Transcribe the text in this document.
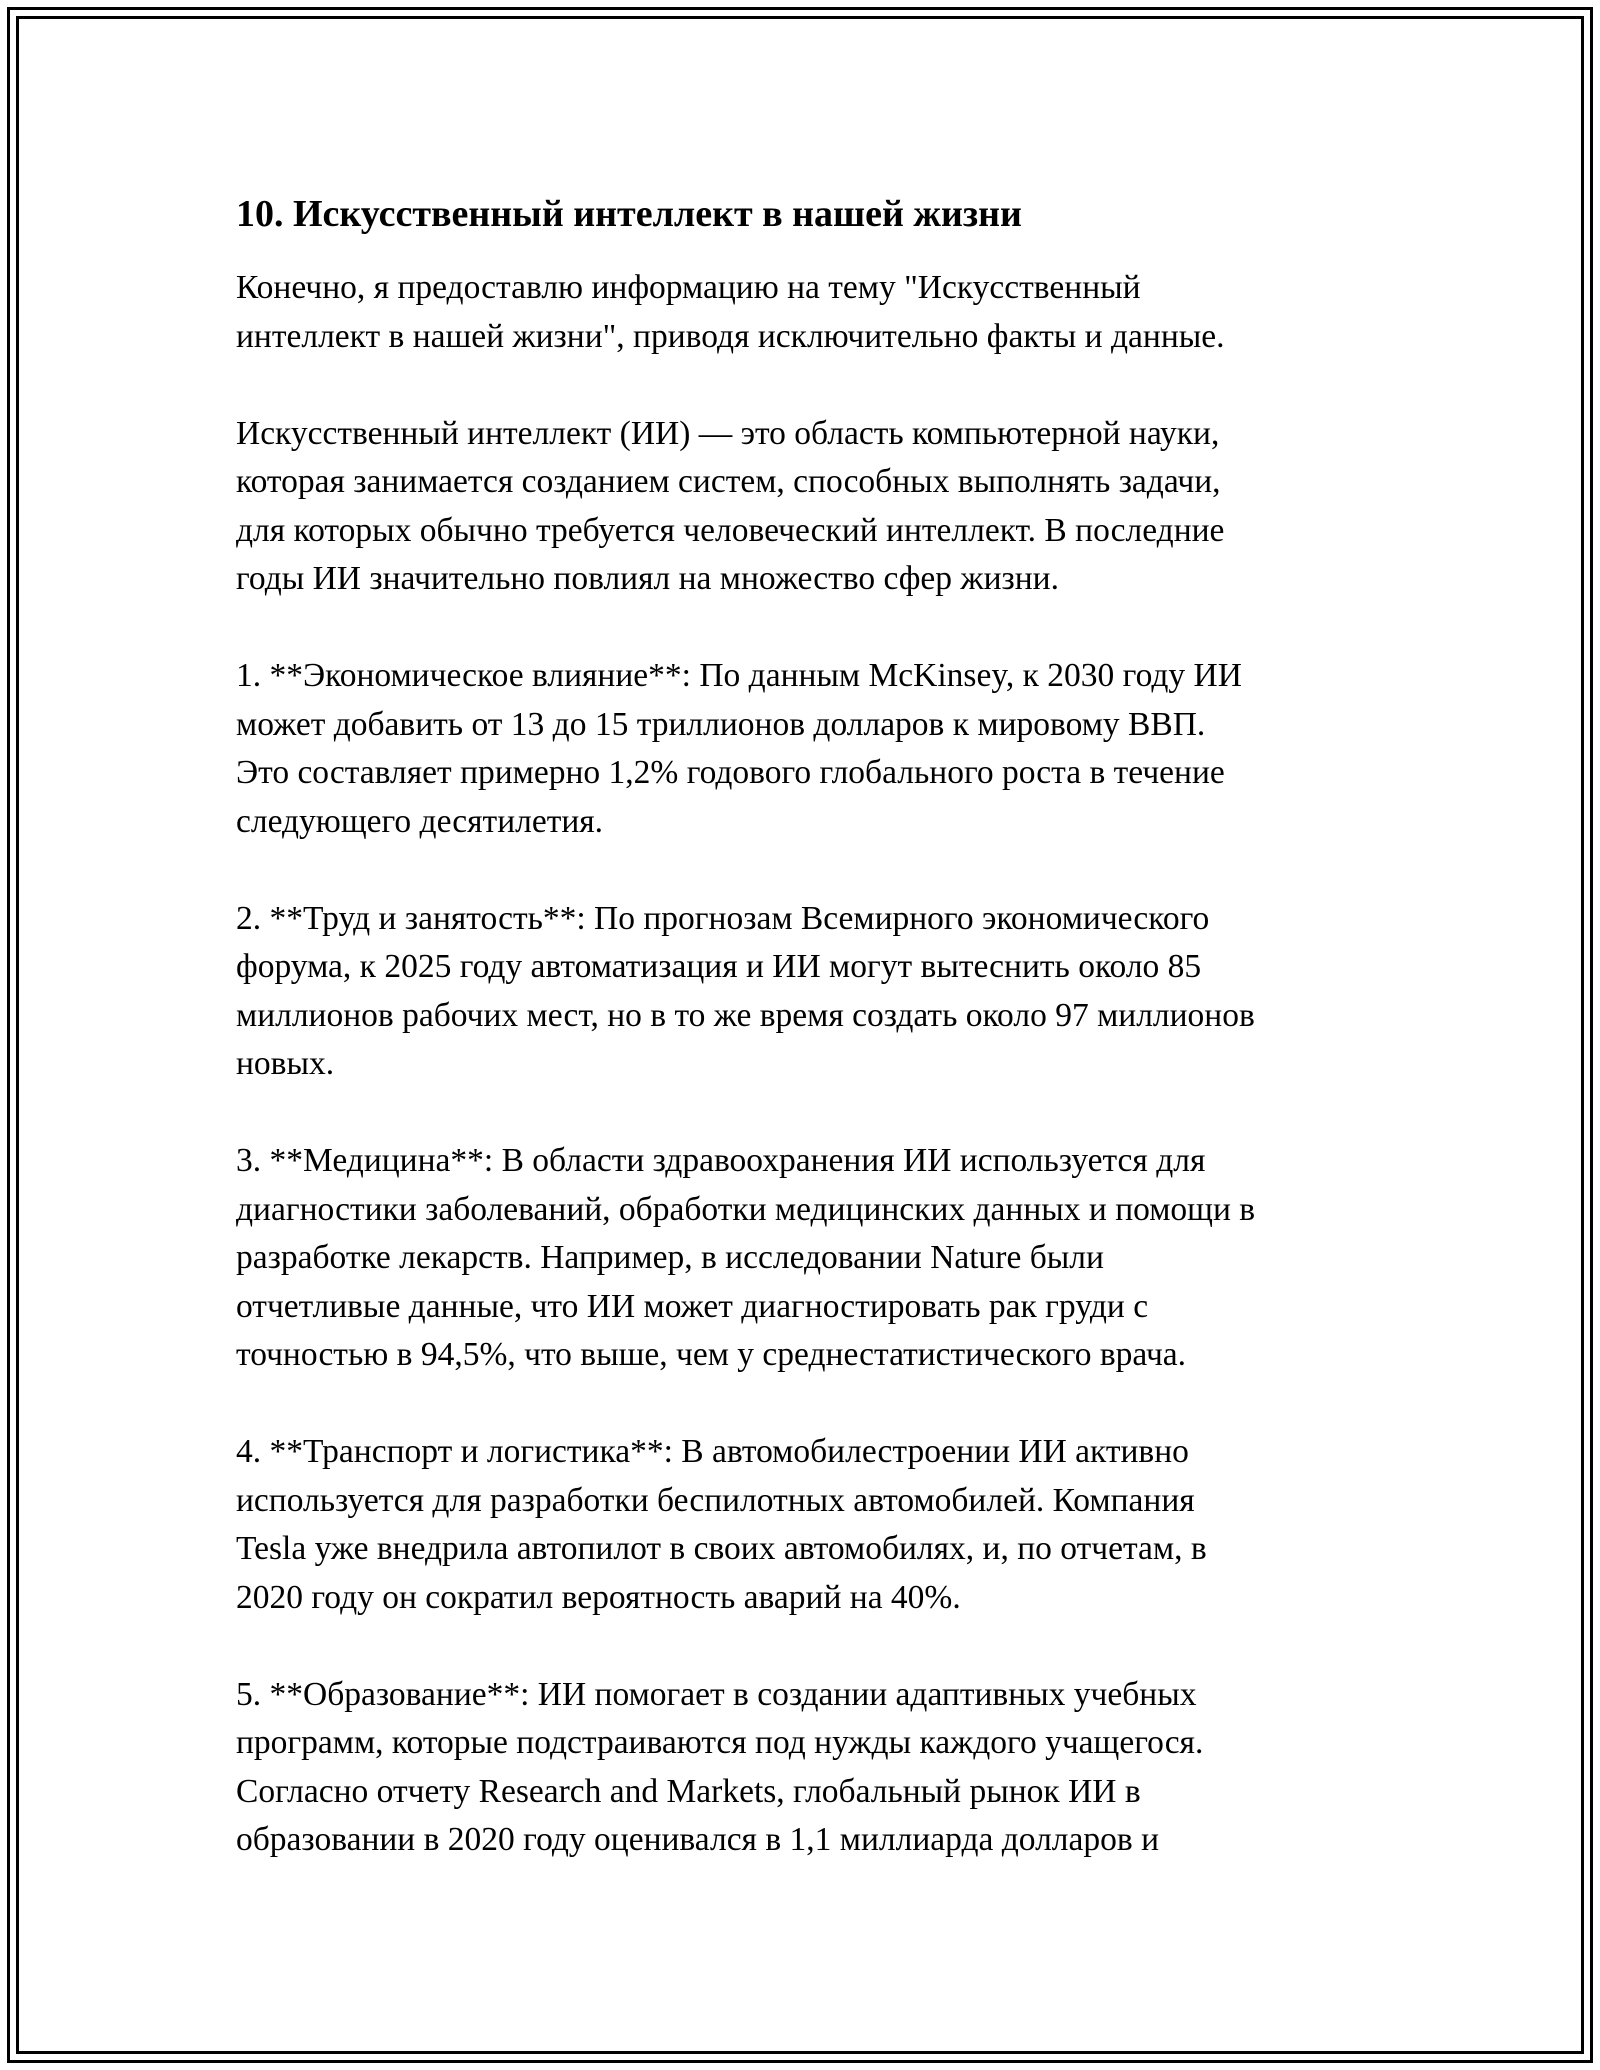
10. Искусственный интеллект в нашей жизни

Конечно, я предоставлю информацию на тему "Искусственный
интеллект в нашей жизни", приводя исключительно факты и данные.

Искусственный интеллект (ИИ) — это область компьютерной науки,
которая занимается созданием систем, способных выполнять задачи,
для которых обычно требуется человеческий интеллект. В последние
годы ИИ значительно повлиял на множество сфер жизни.

1. **Экономическое влияние**: По данным McKinsey, к 2030 году ИИ
может добавить от 13 до 15 триллионов долларов к мировому ВВП.
Это составляет примерно 1,2% годового глобального роста в течение
следующего десятилетия.

2. **Труд и занятость**: По прогнозам Всемирного экономического
форума, к 2025 году автоматизация и ИИ могут вытеснить около 85
миллионов рабочих мест, но в то же время создать около 97 миллионов
новых.

3. **Медицина**: В области здравоохранения ИИ используется для
диагностики заболеваний, обработки медицинских данных и помощи в
разработке лекарств. Например, в исследовании Nature были
отчетливые данные, что ИИ может диагностировать рак груди с
точностью в 94,5%, что выше, чем у среднестатистического врача.

4. **Транспорт и логистика**: В автомобилестроении ИИ активно
используется для разработки беспилотных автомобилей. Компания
Tesla уже внедрила автопилот в своих автомобилях, и, по отчетам, в
2020 году он сократил вероятность аварий на 40%.

5. **Образование**: ИИ помогает в создании адаптивных учебных
программ, которые подстраиваются под нужды каждого учащегося.
Согласно отчету Research and Markets, глобальный рынок ИИ в
образовании в 2020 году оценивался в 1,1 миллиарда долларов и
